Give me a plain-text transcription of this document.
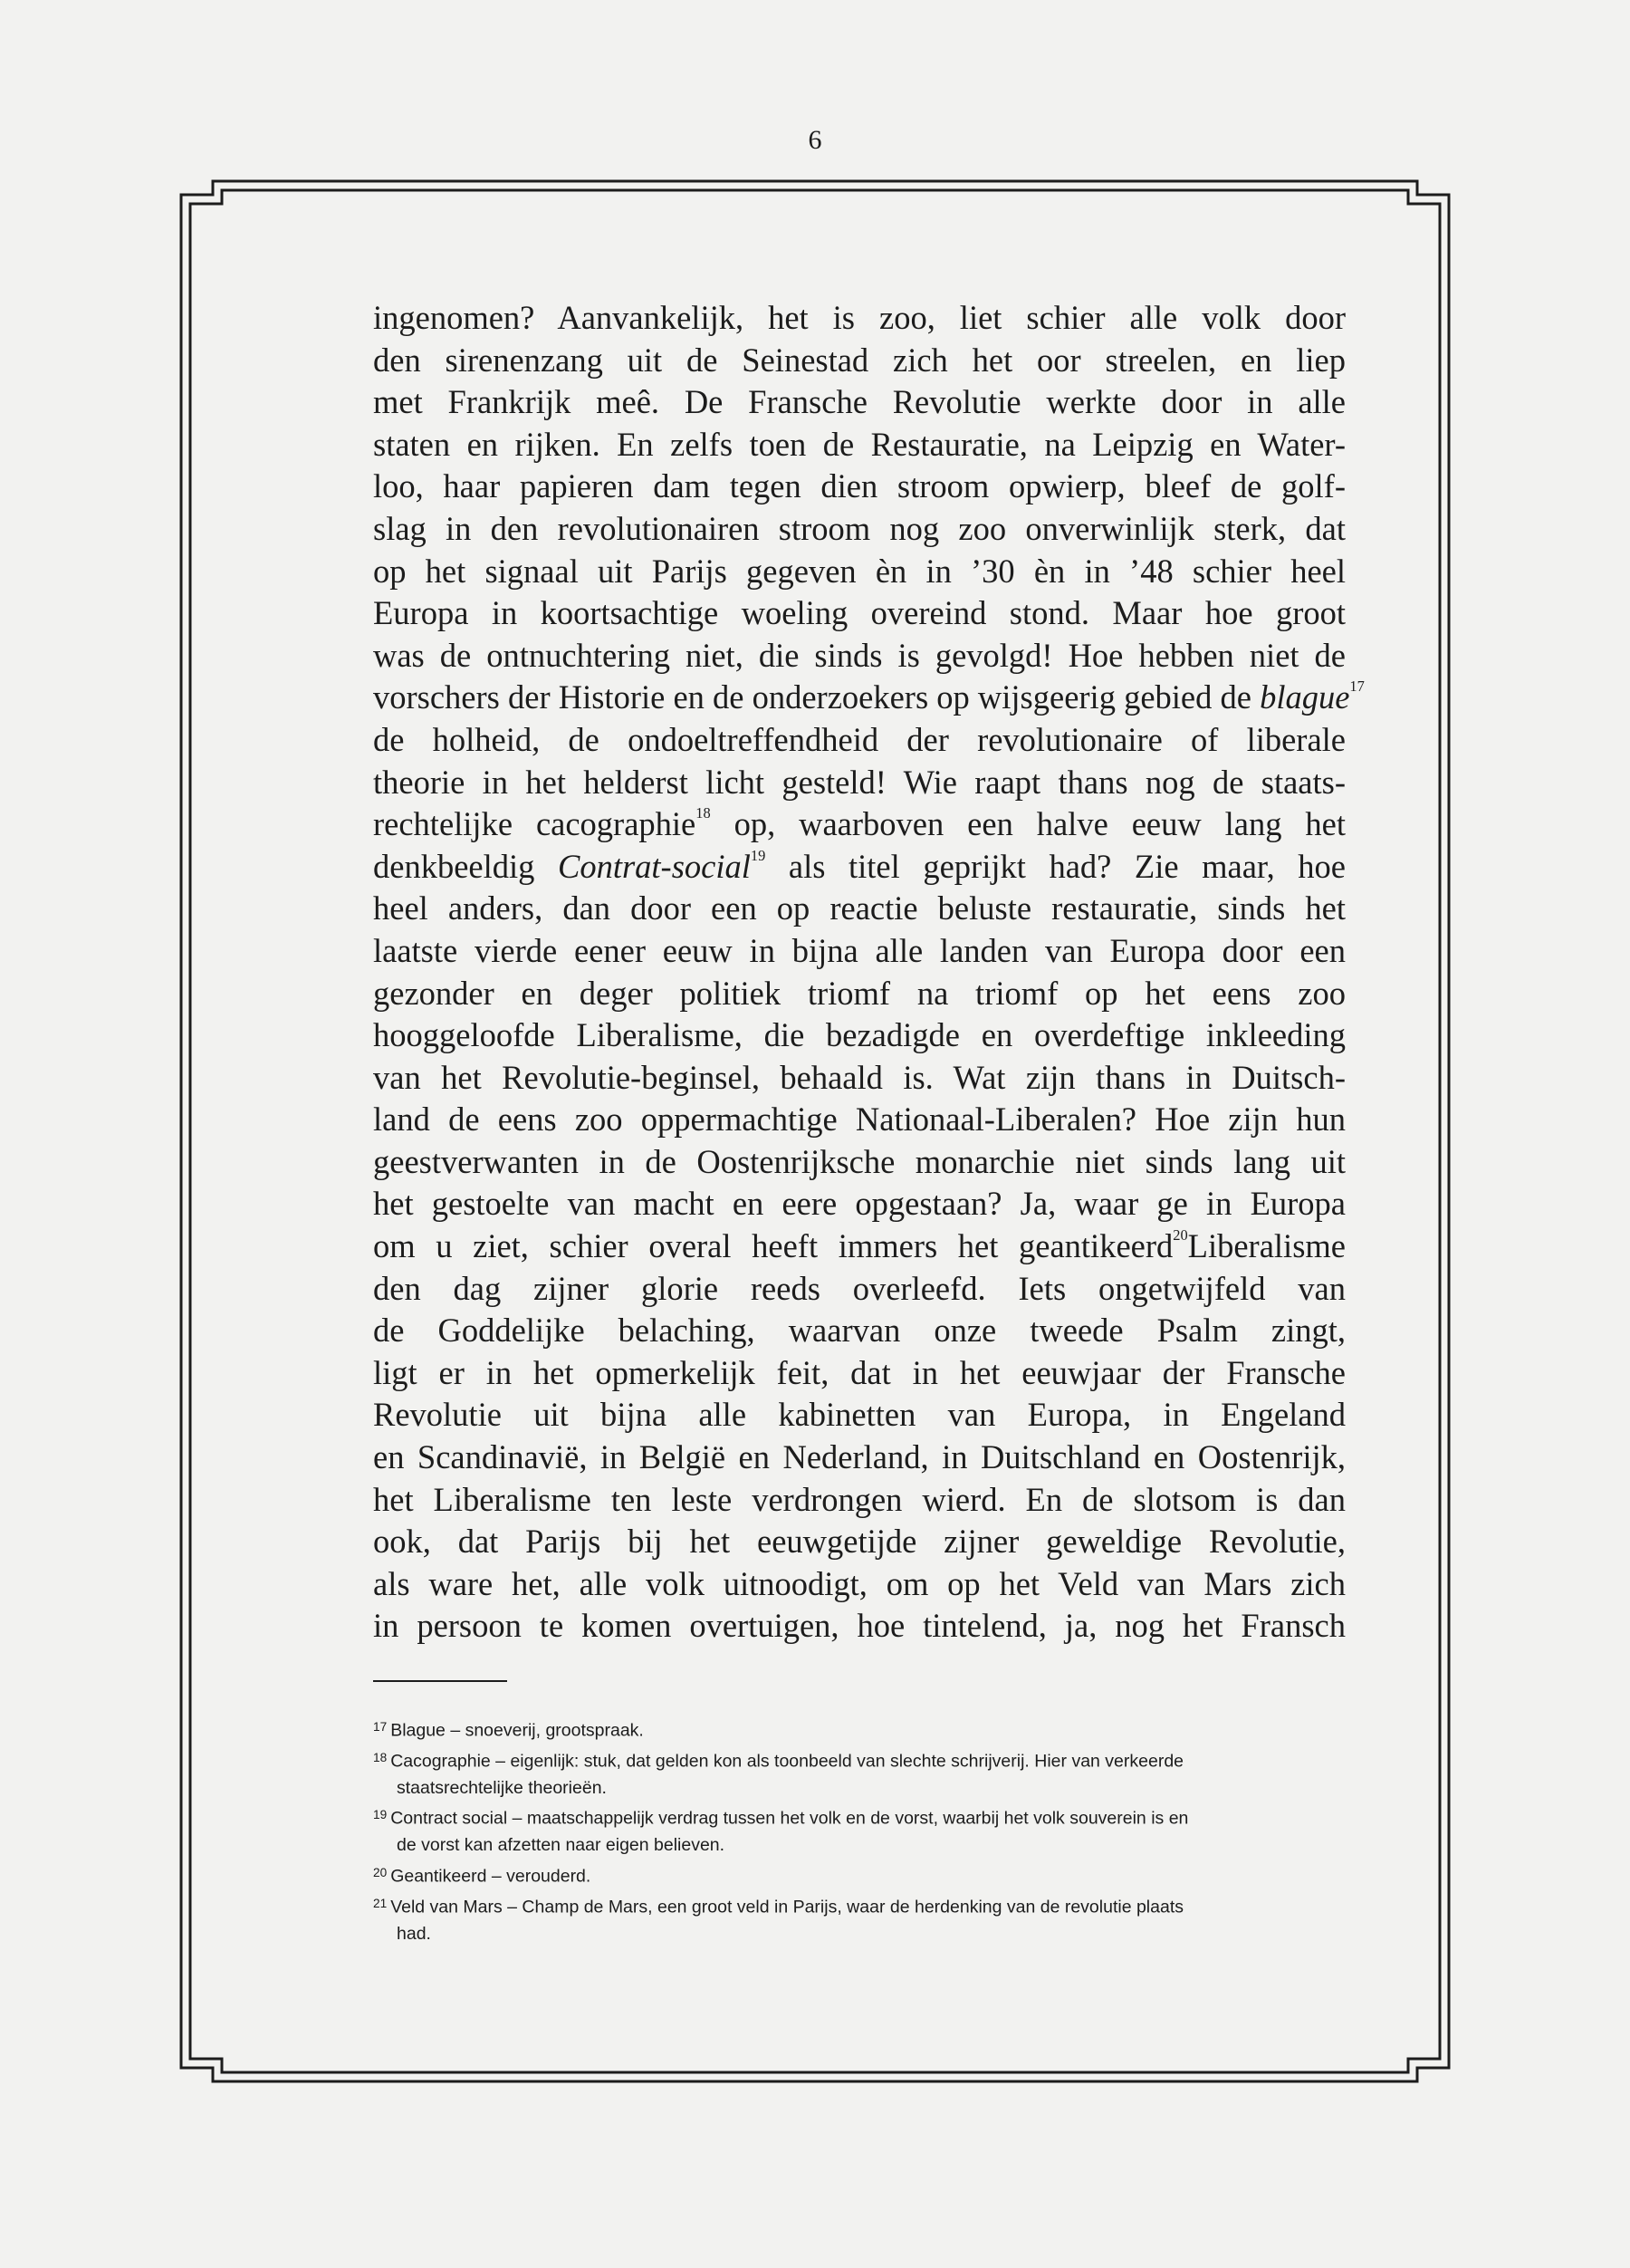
6
ingenomen? Aanvankelijk, het is zoo, liet schier alle volk door
den sirenenzang uit de Seinestad zich het oor streelen, en liep
met Frankrijk meê. De Fransche Revolutie werkte door in alle
staten en rijken. En zelfs toen de Restauratie, na Leipzig en Water-
loo, haar papieren dam tegen dien stroom opwierp, bleef de golf-
slag in den revolutionairen stroom nog zoo onverwinlijk sterk, dat
op het signaal uit Parijs gegeven èn in ’30 èn in ’48 schier heel
Europa in koortsachtige woeling overeind stond. Maar hoe groot
was de ontnuchtering niet, die sinds is gevolgd! Hoe hebben niet de
vorschers der Historie en de onderzoekers op wijsgeerig gebied de blague$^{17}$
de holheid, de ondoeltreffendheid der revolutionaire of liberale
theorie in het helderst licht gesteld! Wie raapt thans nog de staats-
rechtelijke cacographie$^{18}$ op, waarboven een halve eeuw lang het
denkbeeldig Contrat-social$^{19}$ als titel geprijkt had? Zie maar, hoe
heel anders, dan door een op reactie beluste restauratie, sinds het
laatste vierde eener eeuw in bijna alle landen van Europa door een
gezonder en deger politiek triomf na triomf op het eens zoo
hooggeloofde Liberalisme, die bezadigde en overdeftige inkleeding
van het Revolutie-beginsel, behaald is. Wat zijn thans in Duitsch-
land de eens zoo oppermachtige Nationaal-Liberalen? Hoe zijn hun
geestverwanten in de Oostenrijksche monarchie niet sinds lang uit
het gestoelte van macht en eere opgestaan? Ja, waar ge in Europa
om u ziet, schier overal heeft immers het geantikeerd$^{20}$Liberalisme
den dag zijner glorie reeds overleefd. Iets ongetwijfeld van
de Goddelijke belaching, waarvan onze tweede Psalm zingt,
ligt er in het opmerkelijk feit, dat in het eeuwjaar der Fransche
Revolutie uit bijna alle kabinetten van Europa, in Engeland
en Scandinavië, in België en Nederland, in Duitschland en Oostenrijk,
het Liberalisme ten leste verdrongen wierd. En de slotsom is dan
ook, dat Parijs bij het eeuwgetijde zijner geweldige Revolutie,
als ware het, alle volk uitnoodigt, om op het Veld van Mars zich
in persoon te komen overtuigen, hoe tintelend, ja, nog het Fransch
$^{17}$ Blague – snoeverij, grootspraak.
$^{18}$ Cacographie – eigenlijk: stuk, dat gelden kon als toonbeeld van slechte schrijverij. Hier van verkeerde
staatsrechtelijke theorieën.
$^{19}$ Contract social – maatschappelijk verdrag tussen het volk en de vorst, waarbij het volk souverein is en
de vorst kan afzetten naar eigen believen.
$^{20}$ Geantikeerd – verouderd.
$^{21}$ Veld van Mars – Champ de Mars, een groot veld in Parijs, waar de herdenking van de revolutie plaats
had.
